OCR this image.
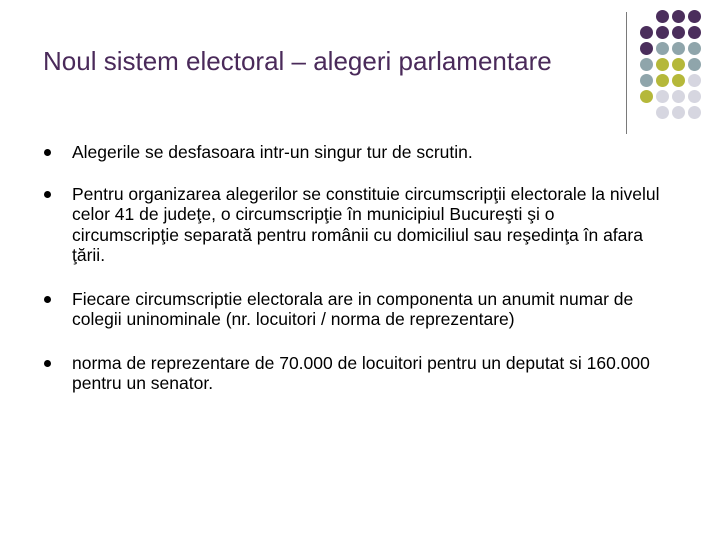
Noul sistem electoral – alegeri parlamentare
Alegerile se desfasoara intr-un singur tur de scrutin.
Pentru organizarea alegerilor se constituie circumscripţii electorale la nivelul celor 41 de judeţe, o circumscripţie în municipiul Bucureşti şi o circumscripţie separată pentru românii cu domiciliul sau reşedinţa în afara ţării.
Fiecare circumscriptie electorala are in componenta un anumit numar de colegii uninominale (nr. locuitori / norma de reprezentare)
norma de reprezentare de 70.000 de locuitori pentru un deputat si 160.000 pentru un senator.
